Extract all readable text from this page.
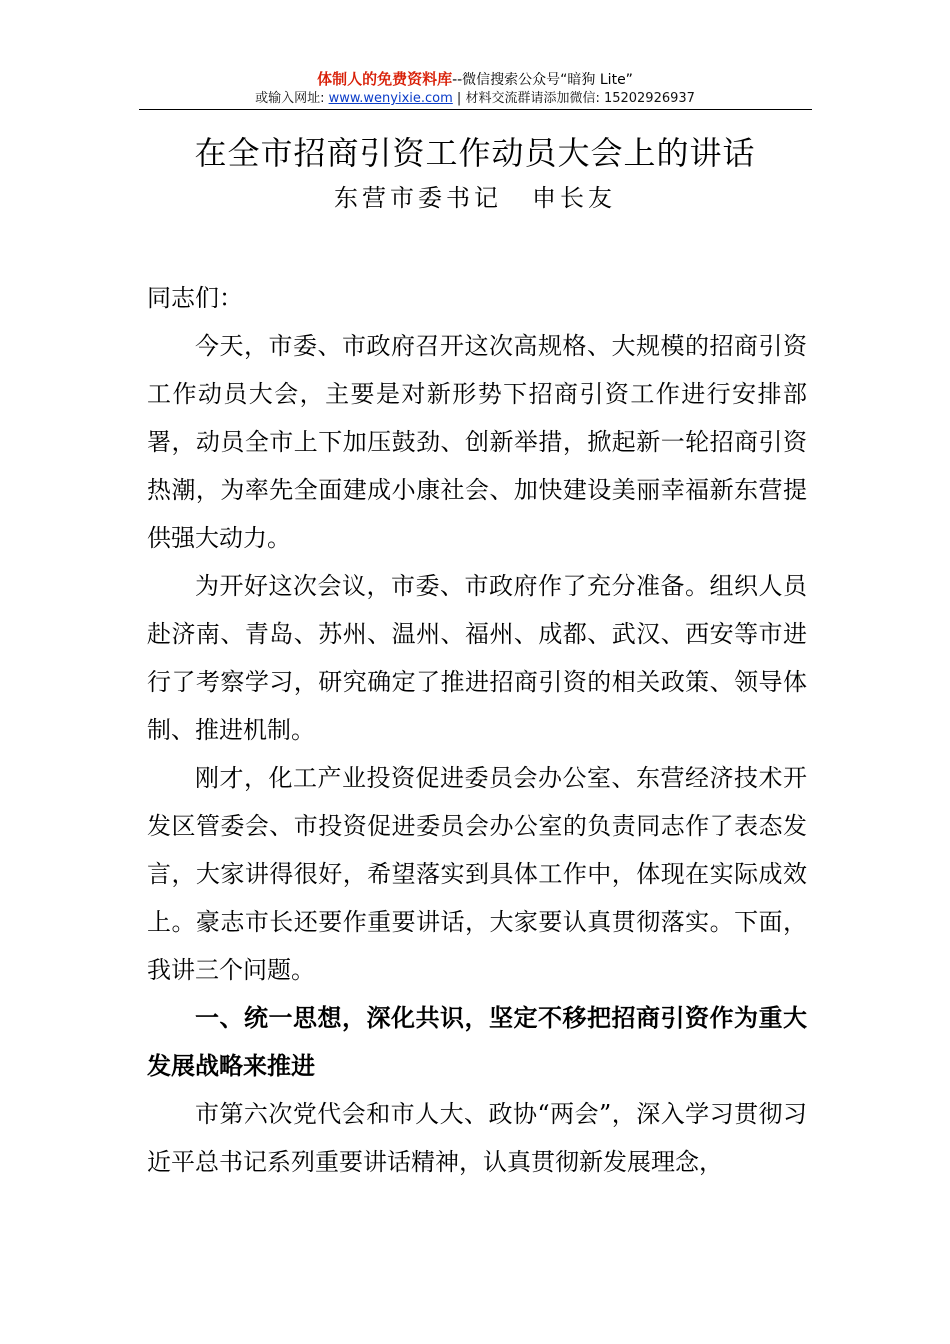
体制人的免费资料库--微信搜索公众号“暗狗 Lite”
或输入网址: www.wenyixie.com | 材料交流群请添加微信: 15202926937
在全市招商引资工作动员大会上的讲话
东营市委书记 申长友

同志们：

今天，市委、市政府召开这次高规格、大规模的招商引资工作动员大会，主要是对新形势下招商引资工作进行安排部署，动员全市上下加压鼓劲、创新举措，掀起新一轮招商引资热潮，为率先全面建成小康社会、加快建设美丽幸福新东营提供强大动力。

为开好这次会议，市委、市政府作了充分准备。组织人员赴济南、青岛、苏州、温州、福州、成都、武汉、西安等市进行了考察学习，研究确定了推进招商引资的相关政策、领导体制、推进机制。

刚才，化工产业投资促进委员会办公室、东营经济技术开发区管委会、市投资促进委员会办公室的负责同志作了表态发言，大家讲得很好，希望落实到具体工作中，体现在实际成效上。豪志市长还要作重要讲话，大家要认真贯彻落实。下面，我讲三个问题。

一、统一思想，深化共识，坚定不移把招商引资作为重大发展战略来推进

市第六次党代会和市人大、政协“两会”，深入学习贯彻习近平总书记系列重要讲话精神，认真贯彻新发展理念，
